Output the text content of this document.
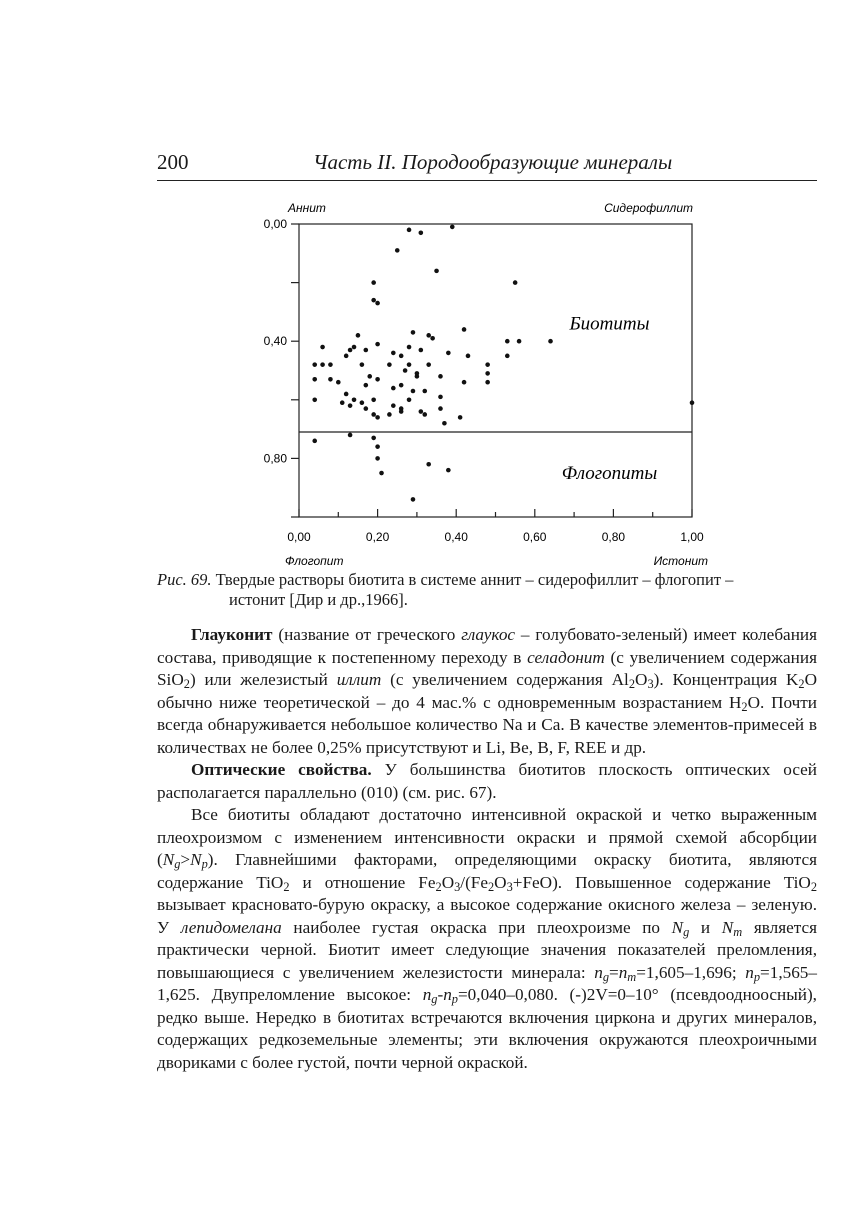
200	Часть II. Породообразующие минералы
0,00
0,40
0,80
0,00	0,20	0,40	0,60	0,80	1,00
Биотиты
Флогопиты
Аннит	Сидерофиллит
Флогопит	Истонит
Рис. 69. Твердые растворы биотита в системе аннит – сидерофиллит – флогопит –
истонит [Дир и др.,1966].

Глауконит (название от греческого глаукос – голубовато-зеленый) имеет колебания состава, приводящие к постепенному переходу в селадонит (с увеличением содержания SiO$_2$) или железистый иллит (с увеличением содержания $Al_2O_3$). Концентрация $K_2O$ обычно ниже теоретической – до 4 мас.% с одновременным возрастанием $H_2O$. Почти всегда обнаруживается небольшое количество Na и Ca. В качестве элементов-примесей в количествах не более 0,25% присутствуют и Li, Be, B, F, REE и др.

Оптические свойства. У большинства биотитов плоскость оптических осей располагается параллельно (010) (см. рис. 67).

Все биотиты обладают достаточно интенсивной окраской и четко выраженным плеохроизмом с изменением интенсивности окраски и прямой схемой абсорбции $(N_g>N_p)$. Главнейшими факторами, определяющими окраску биотита, являются содержание TiO$_2$ и отношение $Fe_2O_3/(Fe_2O_3+FeO)$. Повышенное содержание TiO$_2$ вызывает красновато-бурую окраску, а высокое содержание окисного железа – зеленую. У лепидомелана наиболее густая окраска при плеохроизме по $N_g$ и $N_m$ является практически черной. Биотит имеет следующие значения показателей преломления, повышающиеся с увеличением железистости минерала: $n_g=n_m=1,605-1,696$; $n_p=1,565-1,625$. Двупреломление высокое: $n_g-n_p=0,040-0,080$. (-)2V=0–10° (псевдоодноосный), редко выше. Нередко в биотитах встречаются включения циркона и других минералов, содержащих редкоземельные элементы; эти включения окружаются плеохроичными двориками с более густой, почти черной окраской.
